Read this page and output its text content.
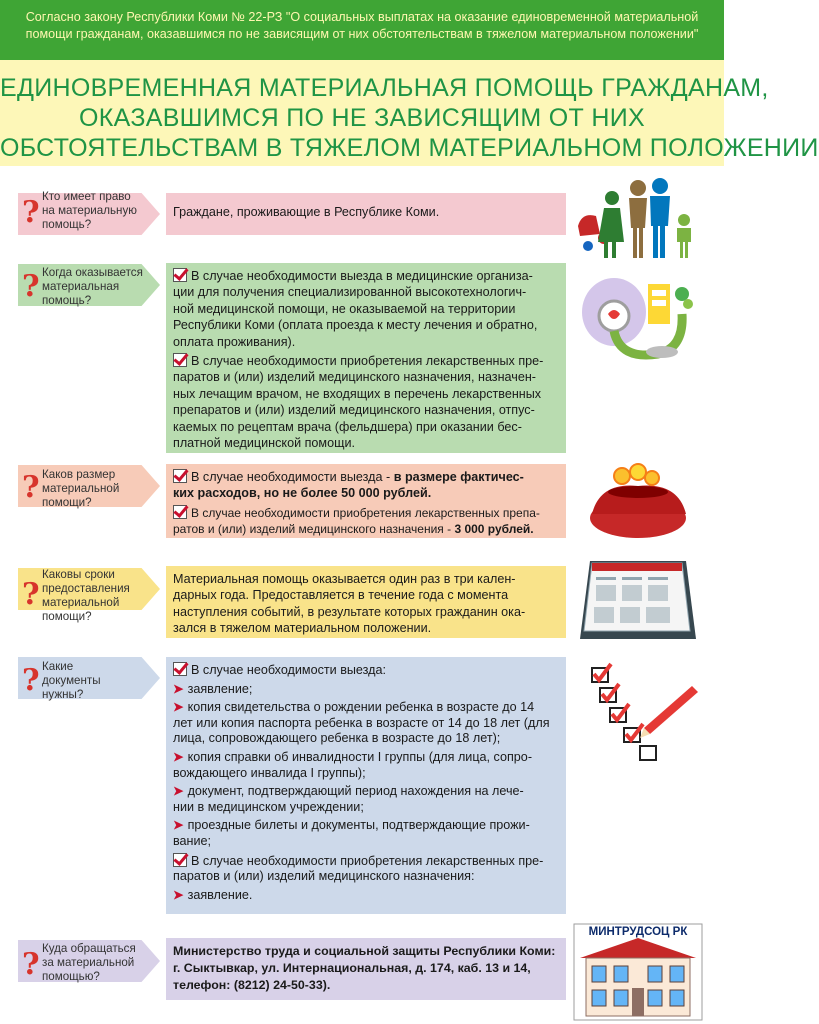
Согласно закону Республики Коми № 22-РЗ "О социальных выплатах на оказание единовременной материальной
помощи гражданам, оказавшимся по не зависящим от них обстоятельствам в тяжелом материальном положении"
ЕДИНОВРЕМЕННАЯ МАТЕРИАЛЬНАЯ ПОМОЩЬ ГРАЖДАНАМ,
ОКАЗАВШИМСЯ ПО НЕ ЗАВИСЯЩИМ ОТ НИХ
ОБСТОЯТЕЛЬСТВАМ В ТЯЖЕЛОМ МАТЕРИАЛЬНОМ ПОЛОЖЕНИИ
? Кто имеет право
на материальную
помощь?

Граждане, проживающие в Республике Коми.

? Когда оказывается
материальная
помощь?

В случае необходимости выезда в медицинские организа-
ции для получения специализированной высокотехнологич-
ной медицинской помощи, не оказываемой на территории
Республики Коми (оплата проезда к месту лечения и обратно,
оплата проживания).

В случае необходимости приобретения лекарственных пре-
паратов и (или) изделий медицинского назначения, назначен-
ных лечащим врачом, не входящих в перечень лекарственных
препаратов и (или) изделий медицинского назначения, отпус-
каемых по рецептам врача (фельдшера) при оказании бес-
платной медицинской помощи.

? Каков размер
материальной
помощи?

В случае необходимости выезда - в размере фактичес-
ких расходов, но не более 50 000 рублей.

В случае необходимости приобретения лекарственных препа-
ратов и (или) изделий медицинского назначения - 3 000 рублей.

?
Каковы сроки
предоставления
материальной
помощи?

Материальная помощь оказывается один раз в три кален-

дарных года. Предоставляется в течение года с момента

наступления событий, в результате которых гражданин ока-

зался в тяжелом материальном положении.

? Какие
документы
нужны?

В случае необходимости выезда:

➤ заявление;

➤ копия свидетельства о рождении ребенка в возрасте до 14
лет или копия паспорта ребенка в возрасте от 14 до 18 лет (для
лица, сопровождающего ребенка в возрасте до 18 лет);

➤ копия справки об инвалидности I группы (для лица, сопро-
вождающего инвалида I группы);

➤ документ, подтверждающий период нахождения на лече-
нии в медицинском учреждении;

➤ проездные билеты и документы, подтверждающие прожи-
вание;

В случае необходимости приобретения лекарственных пре-
паратов и (или) изделий медицинского назначения:

➤ заявление.

? Куда обращаться
за материальной
помощью?

Министерство труда и социальной защиты Республики Коми:

г. Сыктывкар, ул. Интернациональная, д. 174, каб. 13 и 14,

телефон: (8212) 24-50-33).

МИНТРУДСОЦ РК
